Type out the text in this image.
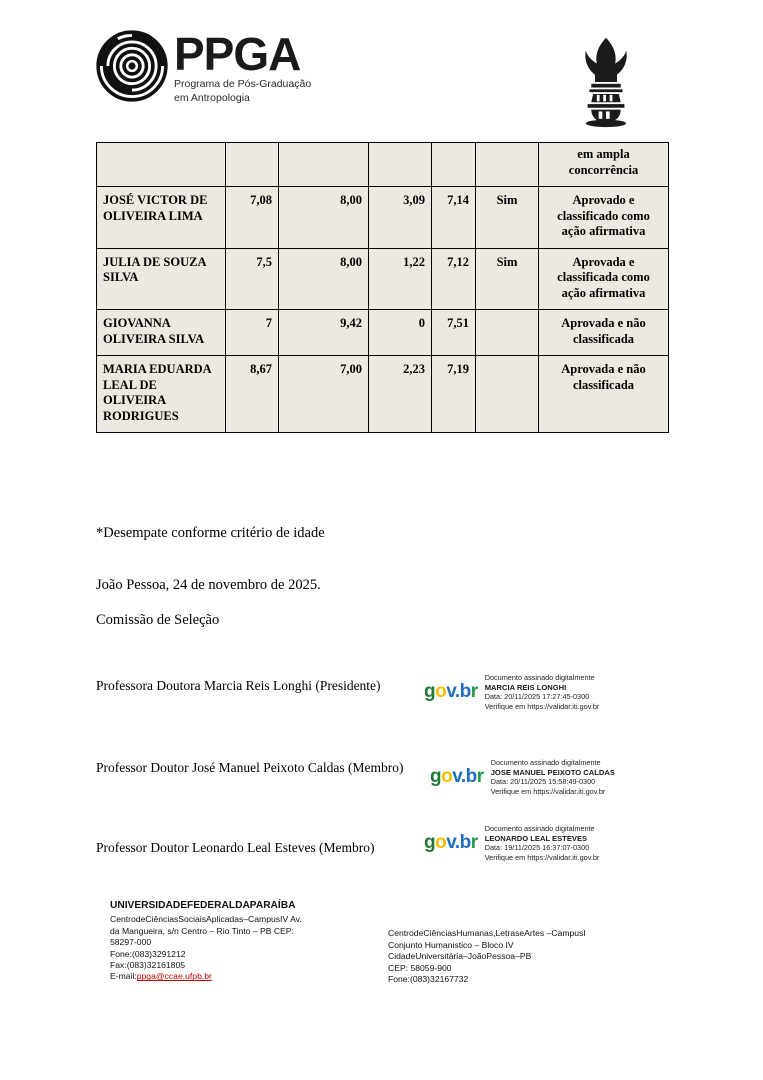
PPGA
Programa de Pós-Graduação
em Antropologia
						em ampla concorrência
JOSÉ VICTOR DE OLIVEIRA LIMA	7,08	8,00	3,09	7,14	Sim	Aprovado e classificado como ação afirmativa
JULIA DE SOUZA SILVA	7,5	8,00	1,22	7,12	Sim	Aprovada e classificada como ação afirmativa
GIOVANNA OLIVEIRA SILVA	7	9,42	0	7,51		Aprovada e não classificada
MARIA EDUARDA LEAL DE OLIVEIRA RODRIGUES	8,67	7,00	2,23	7,19		Aprovada e não classificada
*Desempate conforme critério de idade
João Pessoa, 24 de novembro de 2025.
Comissão de Seleção
Professora Doutora Marcia Reis Longhi (Presidente)
Professor Doutor José Manuel Peixoto Caldas (Membro)
Professor Doutor Leonardo Leal Esteves (Membro)
gov.br
Documento assinado digitalmente
MARCIA REIS LONGHI
Data: 20/11/2025 17:27:45-0300
Verifique em https://validar.iti.gov.br
gov.br
Documento assinado digitalmente
JOSE MANUEL PEIXOTO CALDAS
Data: 20/11/2025 15:58:49-0300
Verifique em https://validar.iti.gov.br
gov.br
Documento assinado digitalmente
LEONARDO LEAL ESTEVES
Data: 19/11/2025 16:37:07-0300
Verifique em https://validar.iti.gov.br
UNIVERSIDADEFEDERALDAPARAÍBA
CentrodeCiênciasSociaisAplicadas–CampusIV Av.
da Mangueira, s/n Centro – Rio Tinto – PB CEP:
58297-000
Fone:(083)3291212
Fax:(083)32161805
E-mail:ppga@ccae.ufpb.br
CentrodeCiênciasHumanas,LetraseArtes –CampusI
Conjunto Humanistico – Bloco IV
CidadeUniversitária–JoãoPessoa–PB
CEP: 58059-900
Fone:(083)32167732
